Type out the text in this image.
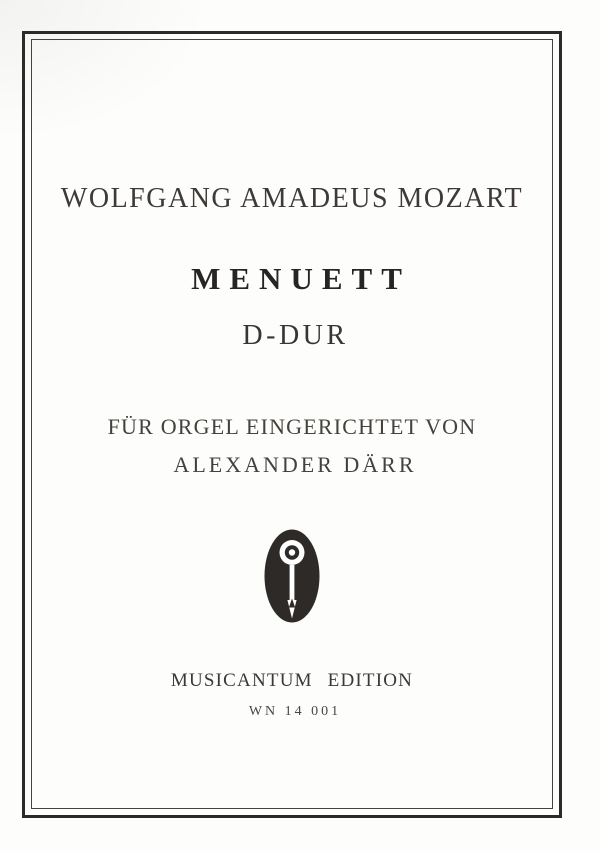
WOLFGANG AMADEUS MOZART
MENUETT
D-DUR
FÜR ORGEL EINGERICHTET VON
ALEXANDER DÄRR
MUSICANTUM EDITION
WN 14 001
